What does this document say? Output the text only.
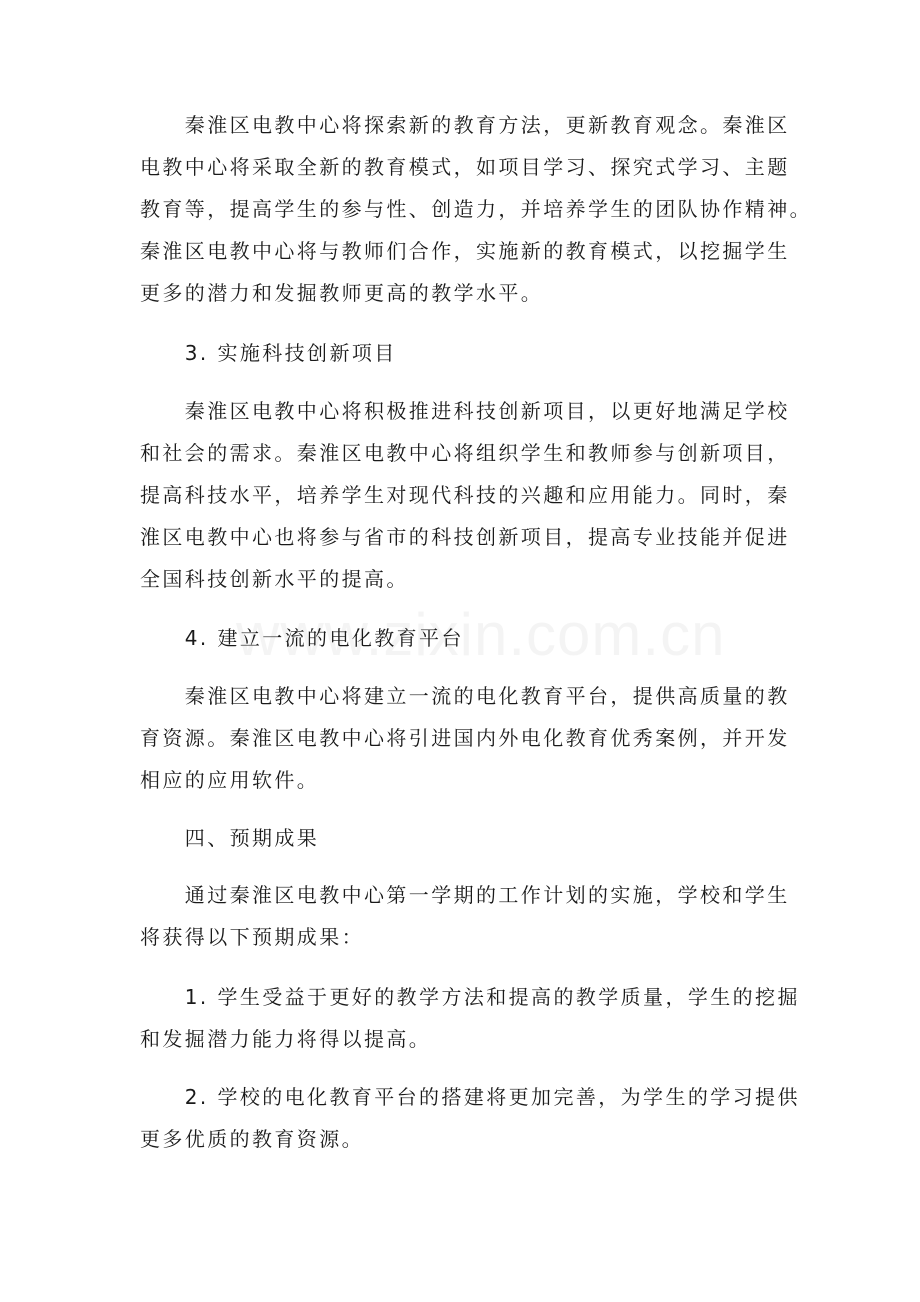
　　秦淮区电教中心将探索新的教育方法，更新教育观念。秦淮区
电教中心将采取全新的教育模式，如项目学习、探究式学习、主题
教育等，提高学生的参与性、创造力，并培养学生的团队协作精神。
秦淮区电教中心将与教师们合作，实施新的教育模式，以挖掘学生
更多的潜力和发掘教师更高的教学水平。
　　3. 实施科技创新项目
　　秦淮区电教中心将积极推进科技创新项目，以更好地满足学校
和社会的需求。秦淮区电教中心将组织学生和教师参与创新项目，
提高科技水平，培养学生对现代科技的兴趣和应用能力。同时，秦
淮区电教中心也将参与省市的科技创新项目，提高专业技能并促进
全国科技创新水平的提高。
　　4. 建立一流的电化教育平台
　　秦淮区电教中心将建立一流的电化教育平台，提供高质量的教
育资源。秦淮区电教中心将引进国内外电化教育优秀案例，并开发
相应的应用软件。
　　四、预期成果
　　通过秦淮区电教中心第一学期的工作计划的实施，学校和学生
将获得以下预期成果：
　　1. 学生受益于更好的教学方法和提高的教学质量，学生的挖掘
和发掘潜力能力将得以提高。
　　2. 学校的电化教育平台的搭建将更加完善，为学生的学习提供
更多优质的教育资源。
